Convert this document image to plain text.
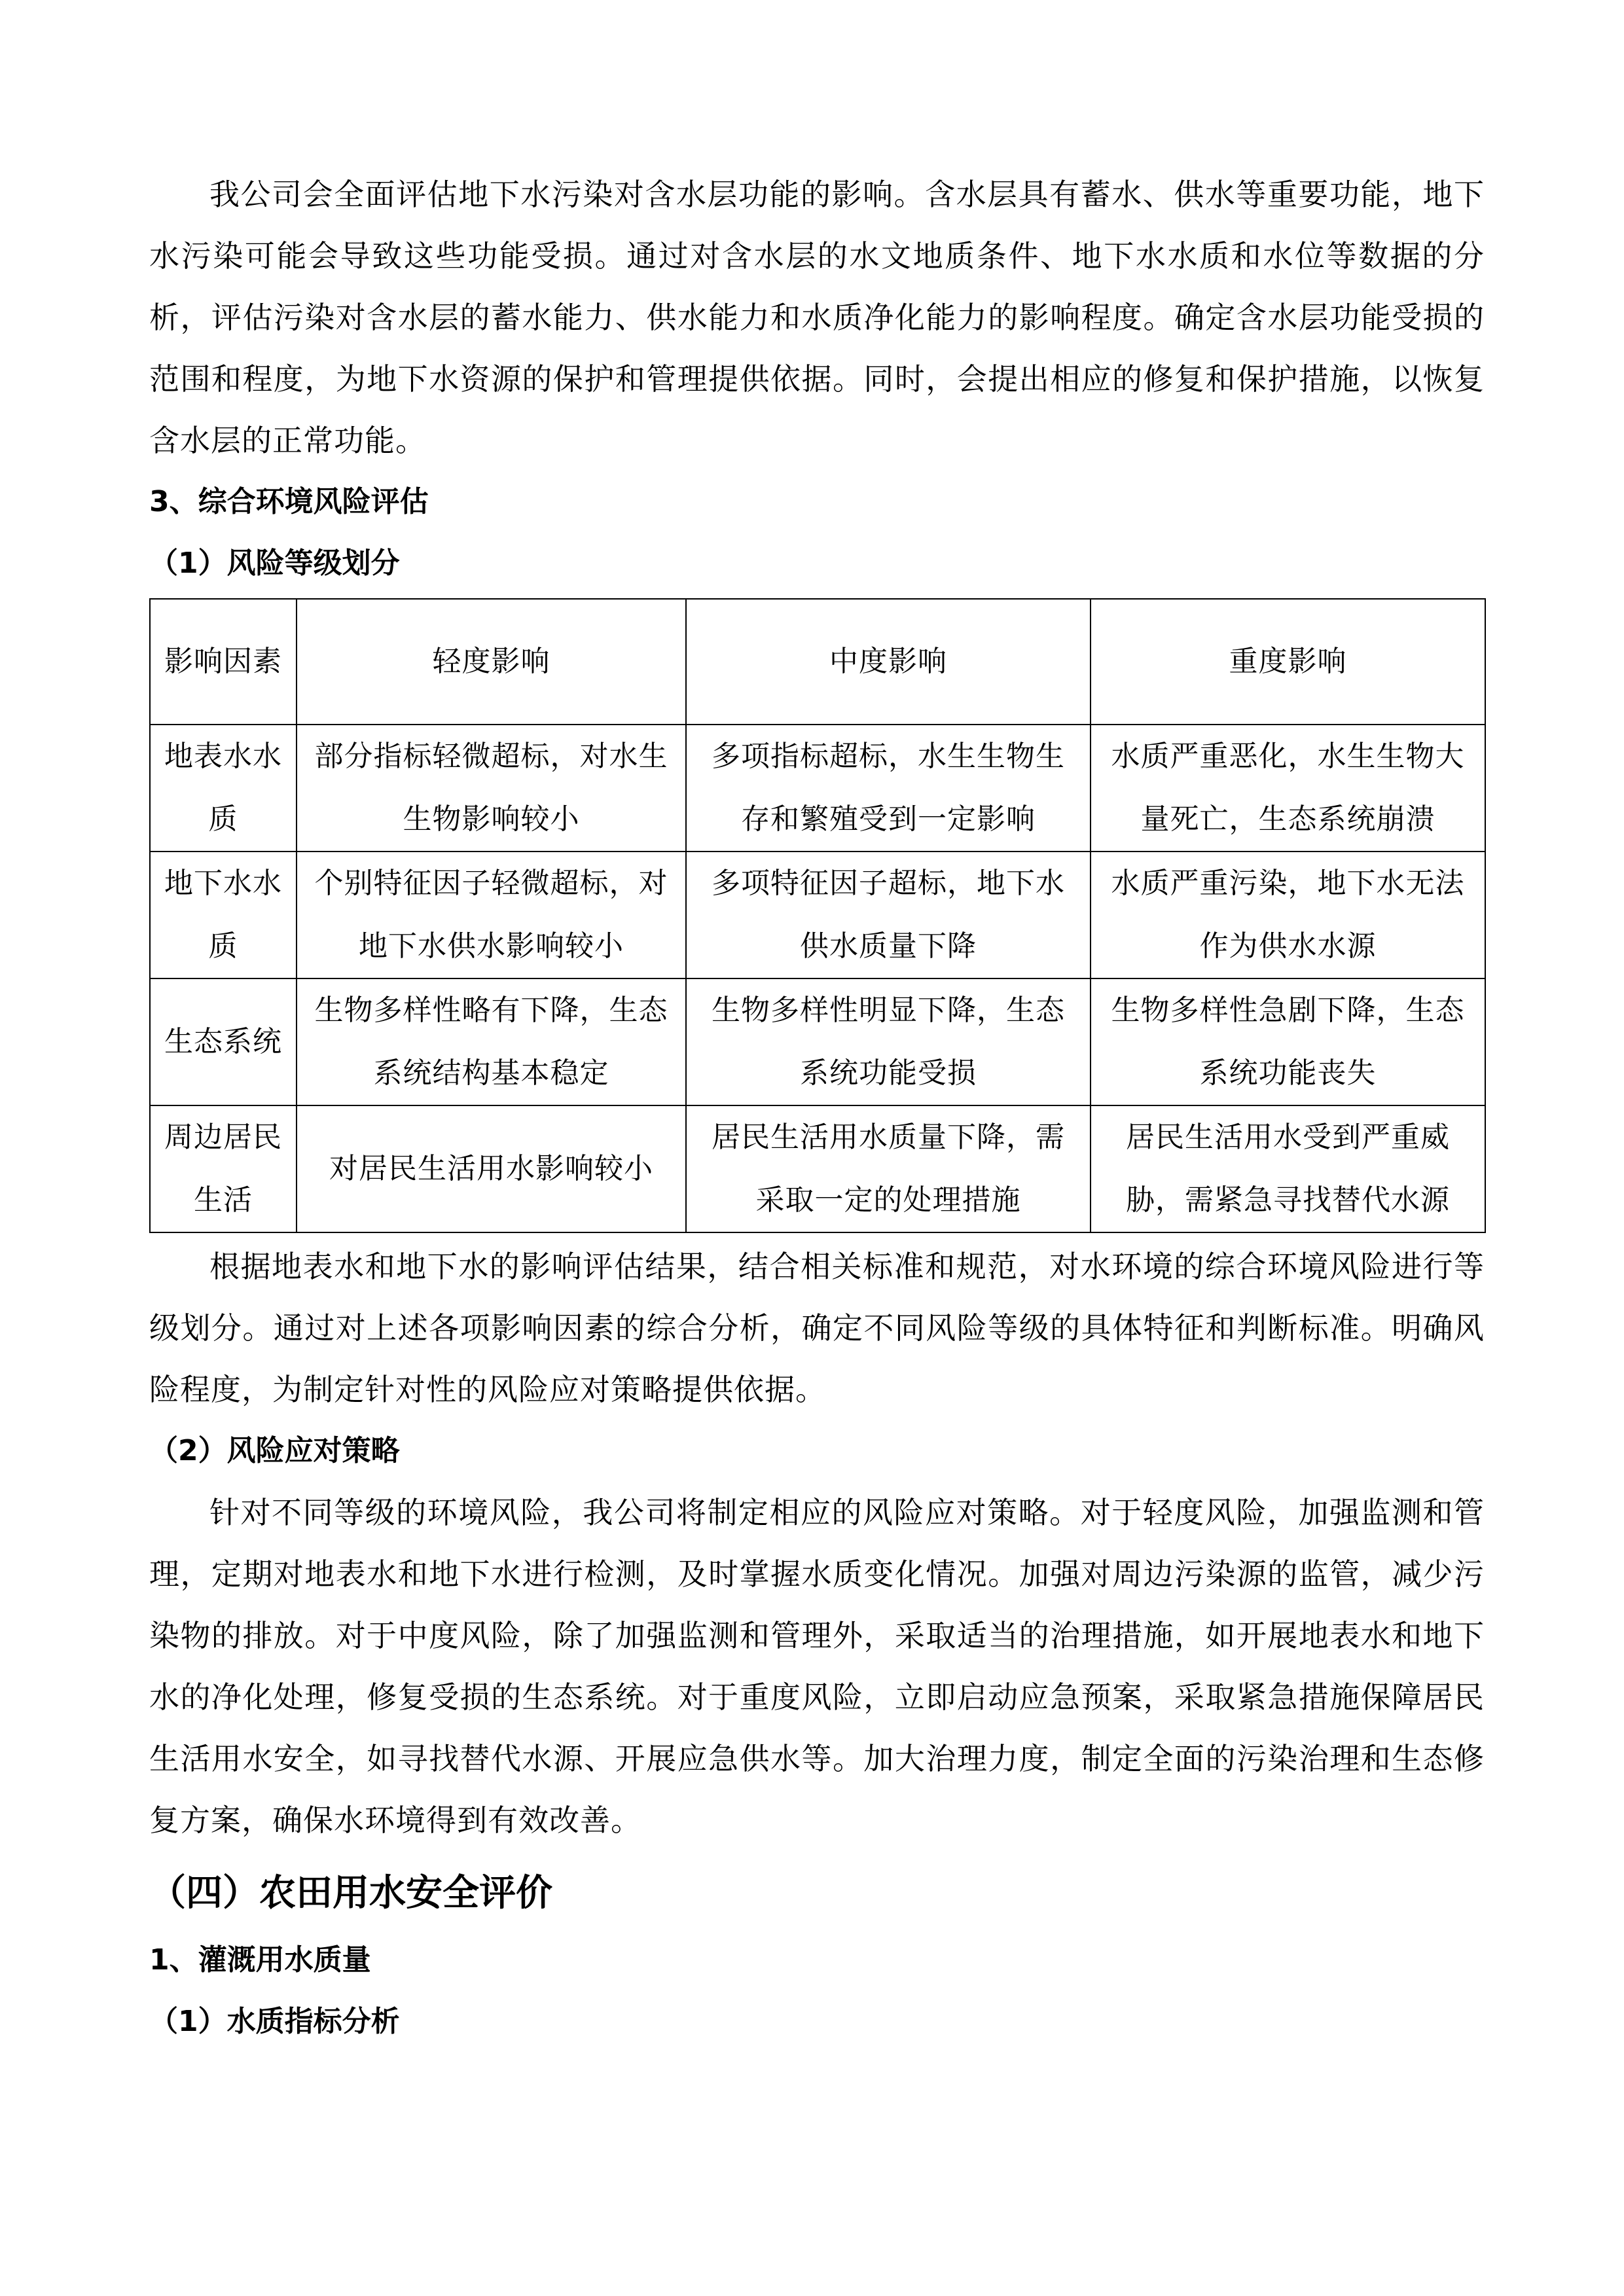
我公司会全面评估地下水污染对含水层功能的影响。含水层具有蓄水、供水等重要功能，地下水污染可能会导致这些功能受损。通过对含水层的水文地质条件、地下水水质和水位等数据的分析，评估污染对含水层的蓄水能力、供水能力和水质净化能力的影响程度。确定含水层功能受损的范围和程度，为地下水资源的保护和管理提供依据。同时，会提出相应的修复和保护措施，以恢复含水层的正常功能。

3、综合环境风险评估
（1）风险等级划分
影响因素	轻度影响	中度影响	重度影响
地表水水质	部分指标轻微超标，对水生生物影响较小	多项指标超标，水生生物生存和繁殖受到一定影响	水质严重恶化，水生生物大量死亡，生态系统崩溃
地下水水质	个别特征因子轻微超标，对地下水供水影响较小	多项特征因子超标，地下水供水质量下降	水质严重污染，地下水无法作为供水水源
生态系统	生物多样性略有下降，生态系统结构基本稳定	生物多样性明显下降，生态系统功能受损	生物多样性急剧下降，生态系统功能丧失
周边居民生活	对居民生活用水影响较小	居民生活用水质量下降，需采取一定的处理措施	居民生活用水受到严重威胁，需紧急寻找替代水源

根据地表水和地下水的影响评估结果，结合相关标准和规范，对水环境的综合环境风险进行等级划分。通过对上述各项影响因素的综合分析，确定不同风险等级的具体特征和判断标准。明确风险程度，为制定针对性的风险应对策略提供依据。

（2）风险应对策略

针对不同等级的环境风险，我公司将制定相应的风险应对策略。对于轻度风险，加强监测和管理，定期对地表水和地下水进行检测，及时掌握水质变化情况。加强对周边污染源的监管，减少污染物的排放。对于中度风险，除了加强监测和管理外，采取适当的治理措施，如开展地表水和地下水的净化处理，修复受损的生态系统。对于重度风险，立即启动应急预案，采取紧急措施保障居民生活用水安全，如寻找替代水源、开展应急供水等。加大治理力度，制定全面的污染治理和生态修复方案，确保水环境得到有效改善。

（四）农田用水安全评价
1、灌溉用水质量
（1）水质指标分析
